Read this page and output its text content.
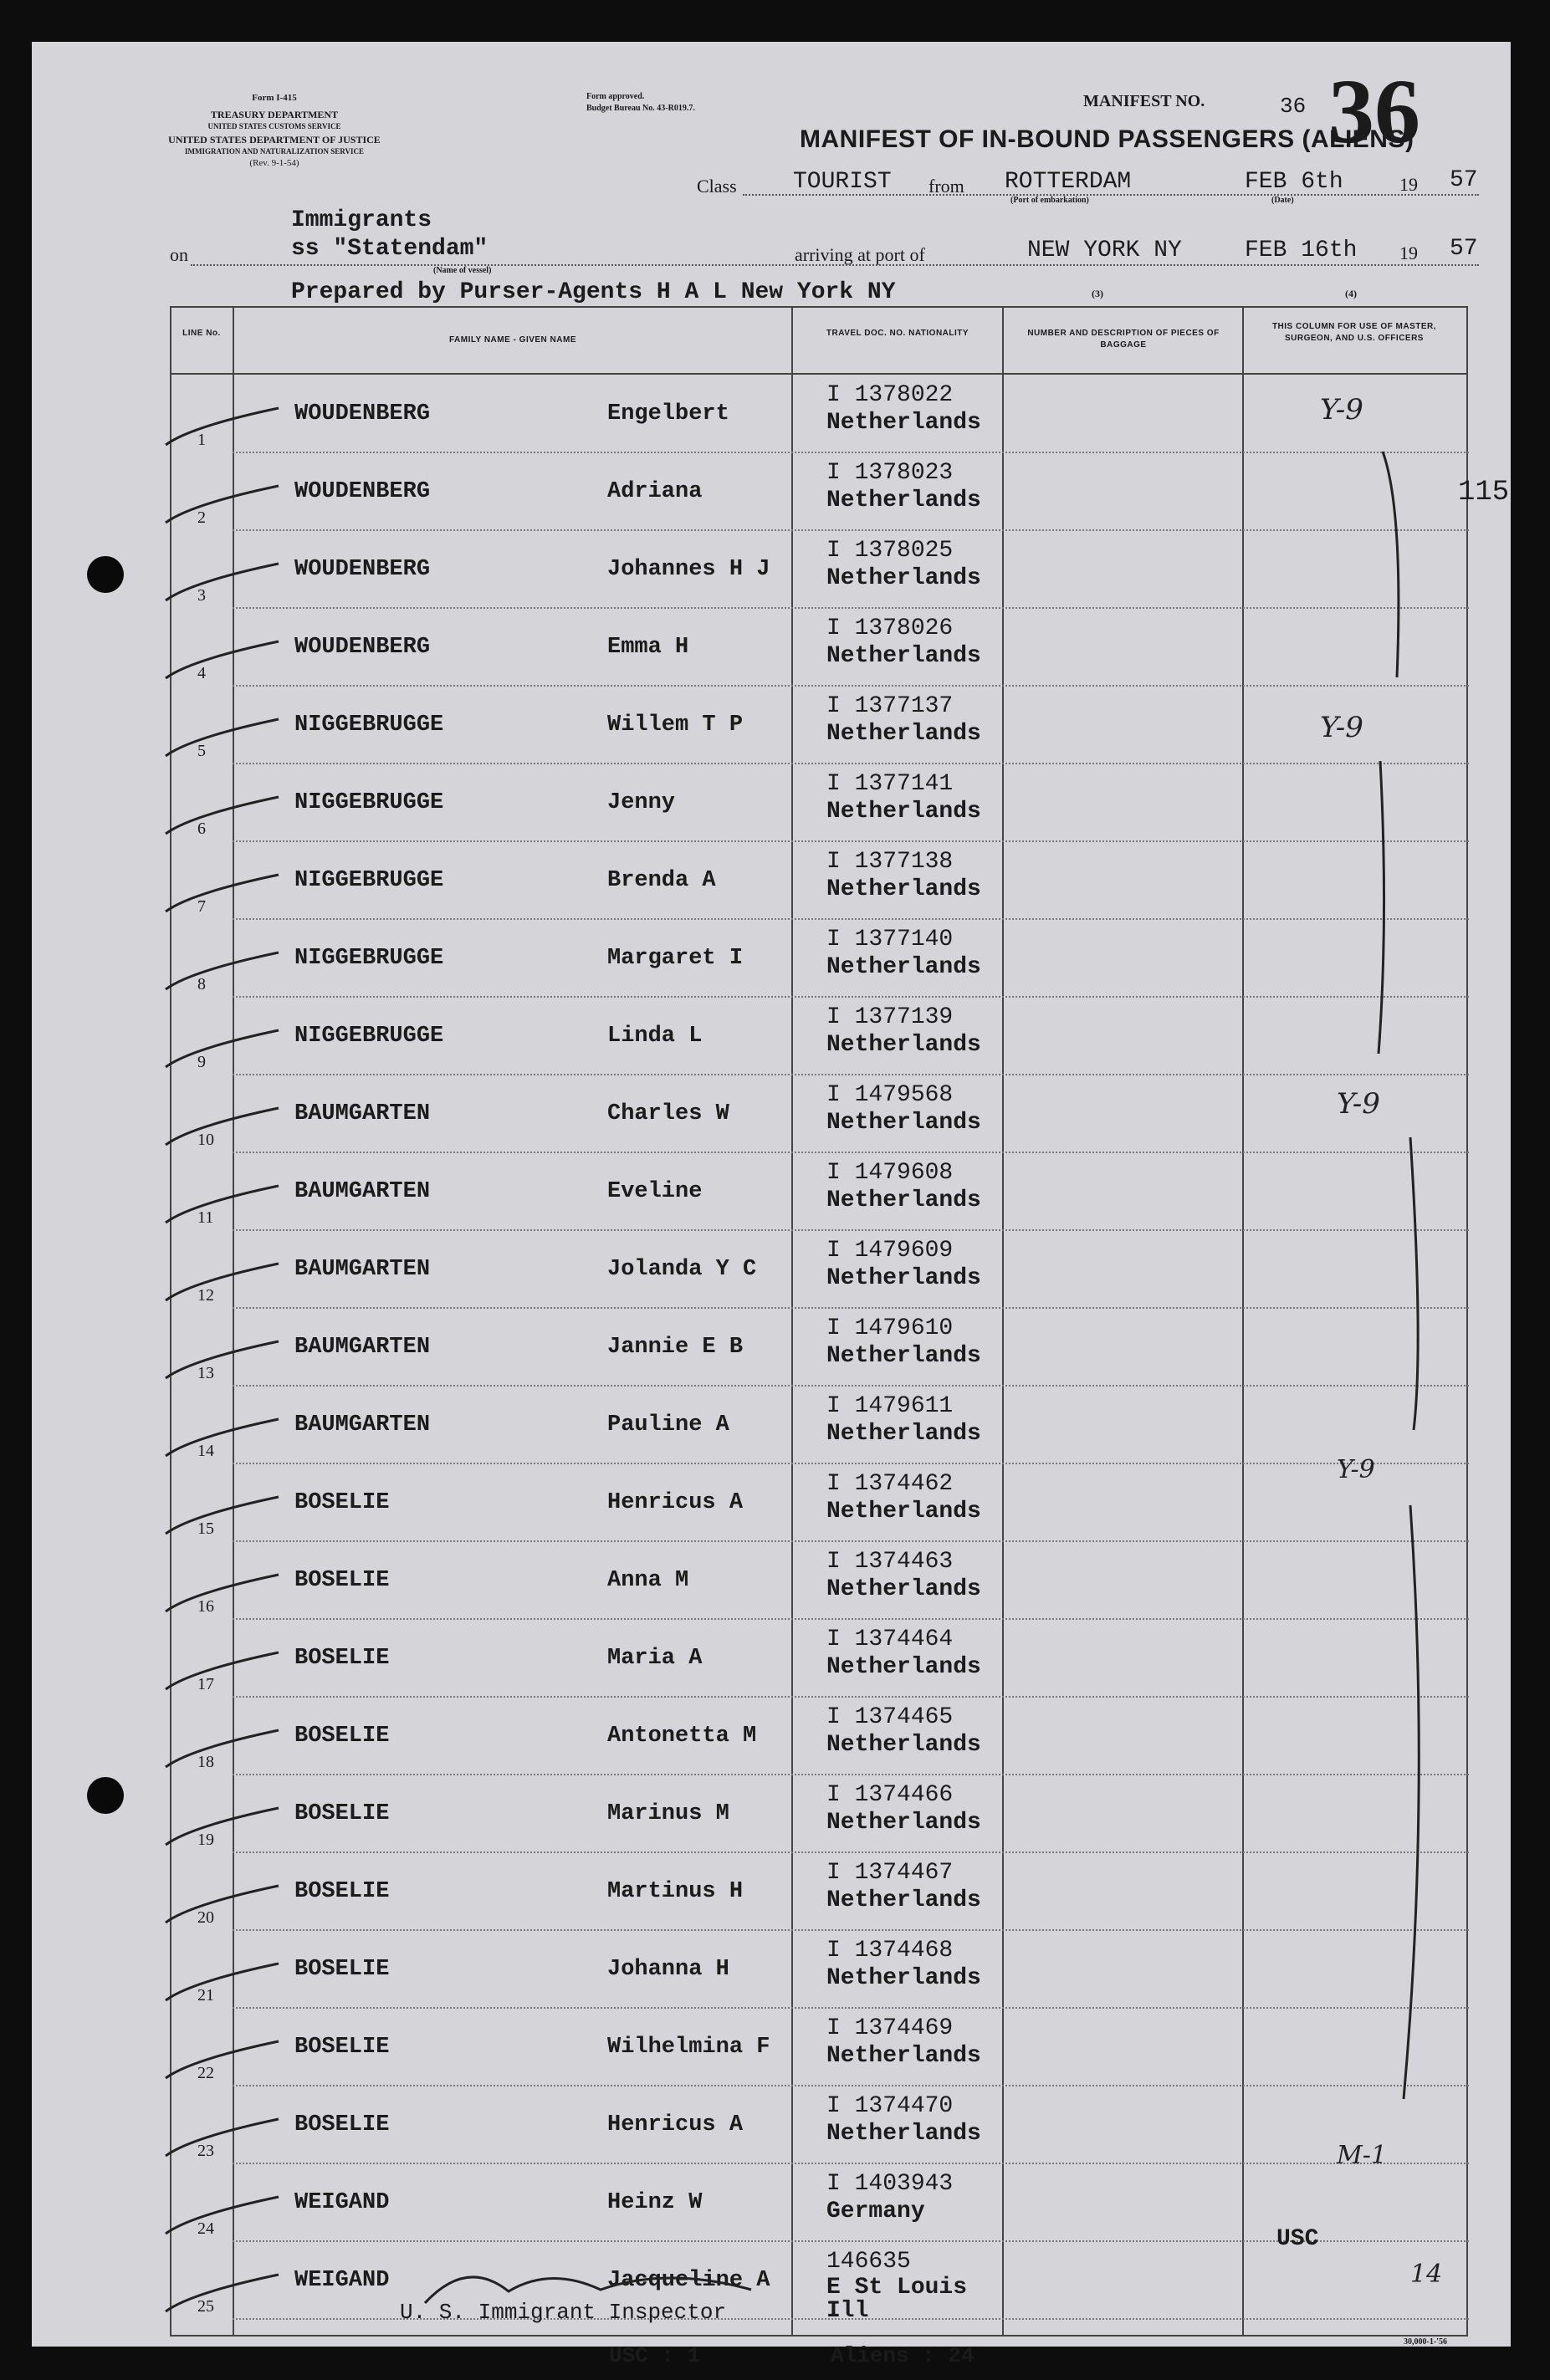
Form I-415
TREASURY DEPARTMENT
UNITED STATES CUSTOMS SERVICE
UNITED STATES DEPARTMENT OF JUSTICE
IMMIGRATION AND NATURALIZATION SERVICE
(Rev. 9-1-54)
Form approved.
Budget Bureau No. 43-R019.7.	MANIFEST NO.	36 36
MANIFEST OF IN-BOUND PASSENGERS (ALIENS)
Class TOURIST from ROTTERDAM
(Port of embarkation)
FEB 6th
(Date)
19 57
Immigrants
on	ss "Statendam"
(Name of vessel)
arriving at port of	NEW YORK NY	FEB 16th 19 57
Prepared by Purser-Agents H A L New York NY	(3)	(4)
LINE No.
FAMILY NAME - GIVEN NAME
TRAVEL DOC. NO. NATIONALITY	NUMBER AND DESCRIPTION OF PIECES OF BAGGAGE
THIS COLUMN FOR USE OF MASTER, SURGEON, AND U.S. OFFICERS
1
WOUDENBERG	Engelbert
I 1378022
Netherlands
2
WOUDENBERG	Adriana
I 1378023
Netherlands
3
WOUDENBERG	Johannes H J
I 1378025
Netherlands
4
WOUDENBERG	Emma H
I 1378026
Netherlands
5
NIGGEBRUGGE	Willem T P
I 1377137
Netherlands
6
NIGGEBRUGGE	Jenny
I 1377141
Netherlands
7
NIGGEBRUGGE	Brenda A
I 1377138
Netherlands
8
NIGGEBRUGGE	Margaret I
I 1377140
Netherlands
9
NIGGEBRUGGE	Linda L
I 1377139
Netherlands
10
BAUMGARTEN	Charles W
I 1479568
Netherlands
11
BAUMGARTEN	Eveline
I 1479608
Netherlands
12
BAUMGARTEN	Jolanda Y C
I 1479609
Netherlands
13
BAUMGARTEN	Jannie E B
I 1479610
Netherlands
14
BAUMGARTEN	Pauline A
I 1479611
Netherlands
15
BOSELIE	Henricus A
I 1374462
Netherlands
16
BOSELIE	Anna M
I 1374463
Netherlands
17
BOSELIE	Maria A
I 1374464
Netherlands
18
BOSELIE	Antonetta M
I 1374465
Netherlands
19
BOSELIE	Marinus M
I 1374466
Netherlands
20
BOSELIE	Martinus H
I 1374467
Netherlands
21
BOSELIE	Johanna H
I 1374468
Netherlands
22
BOSELIE	Wilhelmina F
I 1374469
Netherlands
23
BOSELIE	Henricus A
I 1374470
Netherlands
24
WEIGAND	Heinz W
I 1403943
Germany
25
WEIGAND	Jacqueline A
146635
E St Louis Ill
Y-9
Y-9
Y-9
Y-9
M-1
115
USC
14
U. S. Immigrant Inspector
USC : 1	Aliens : 24
30,000-1-'56
